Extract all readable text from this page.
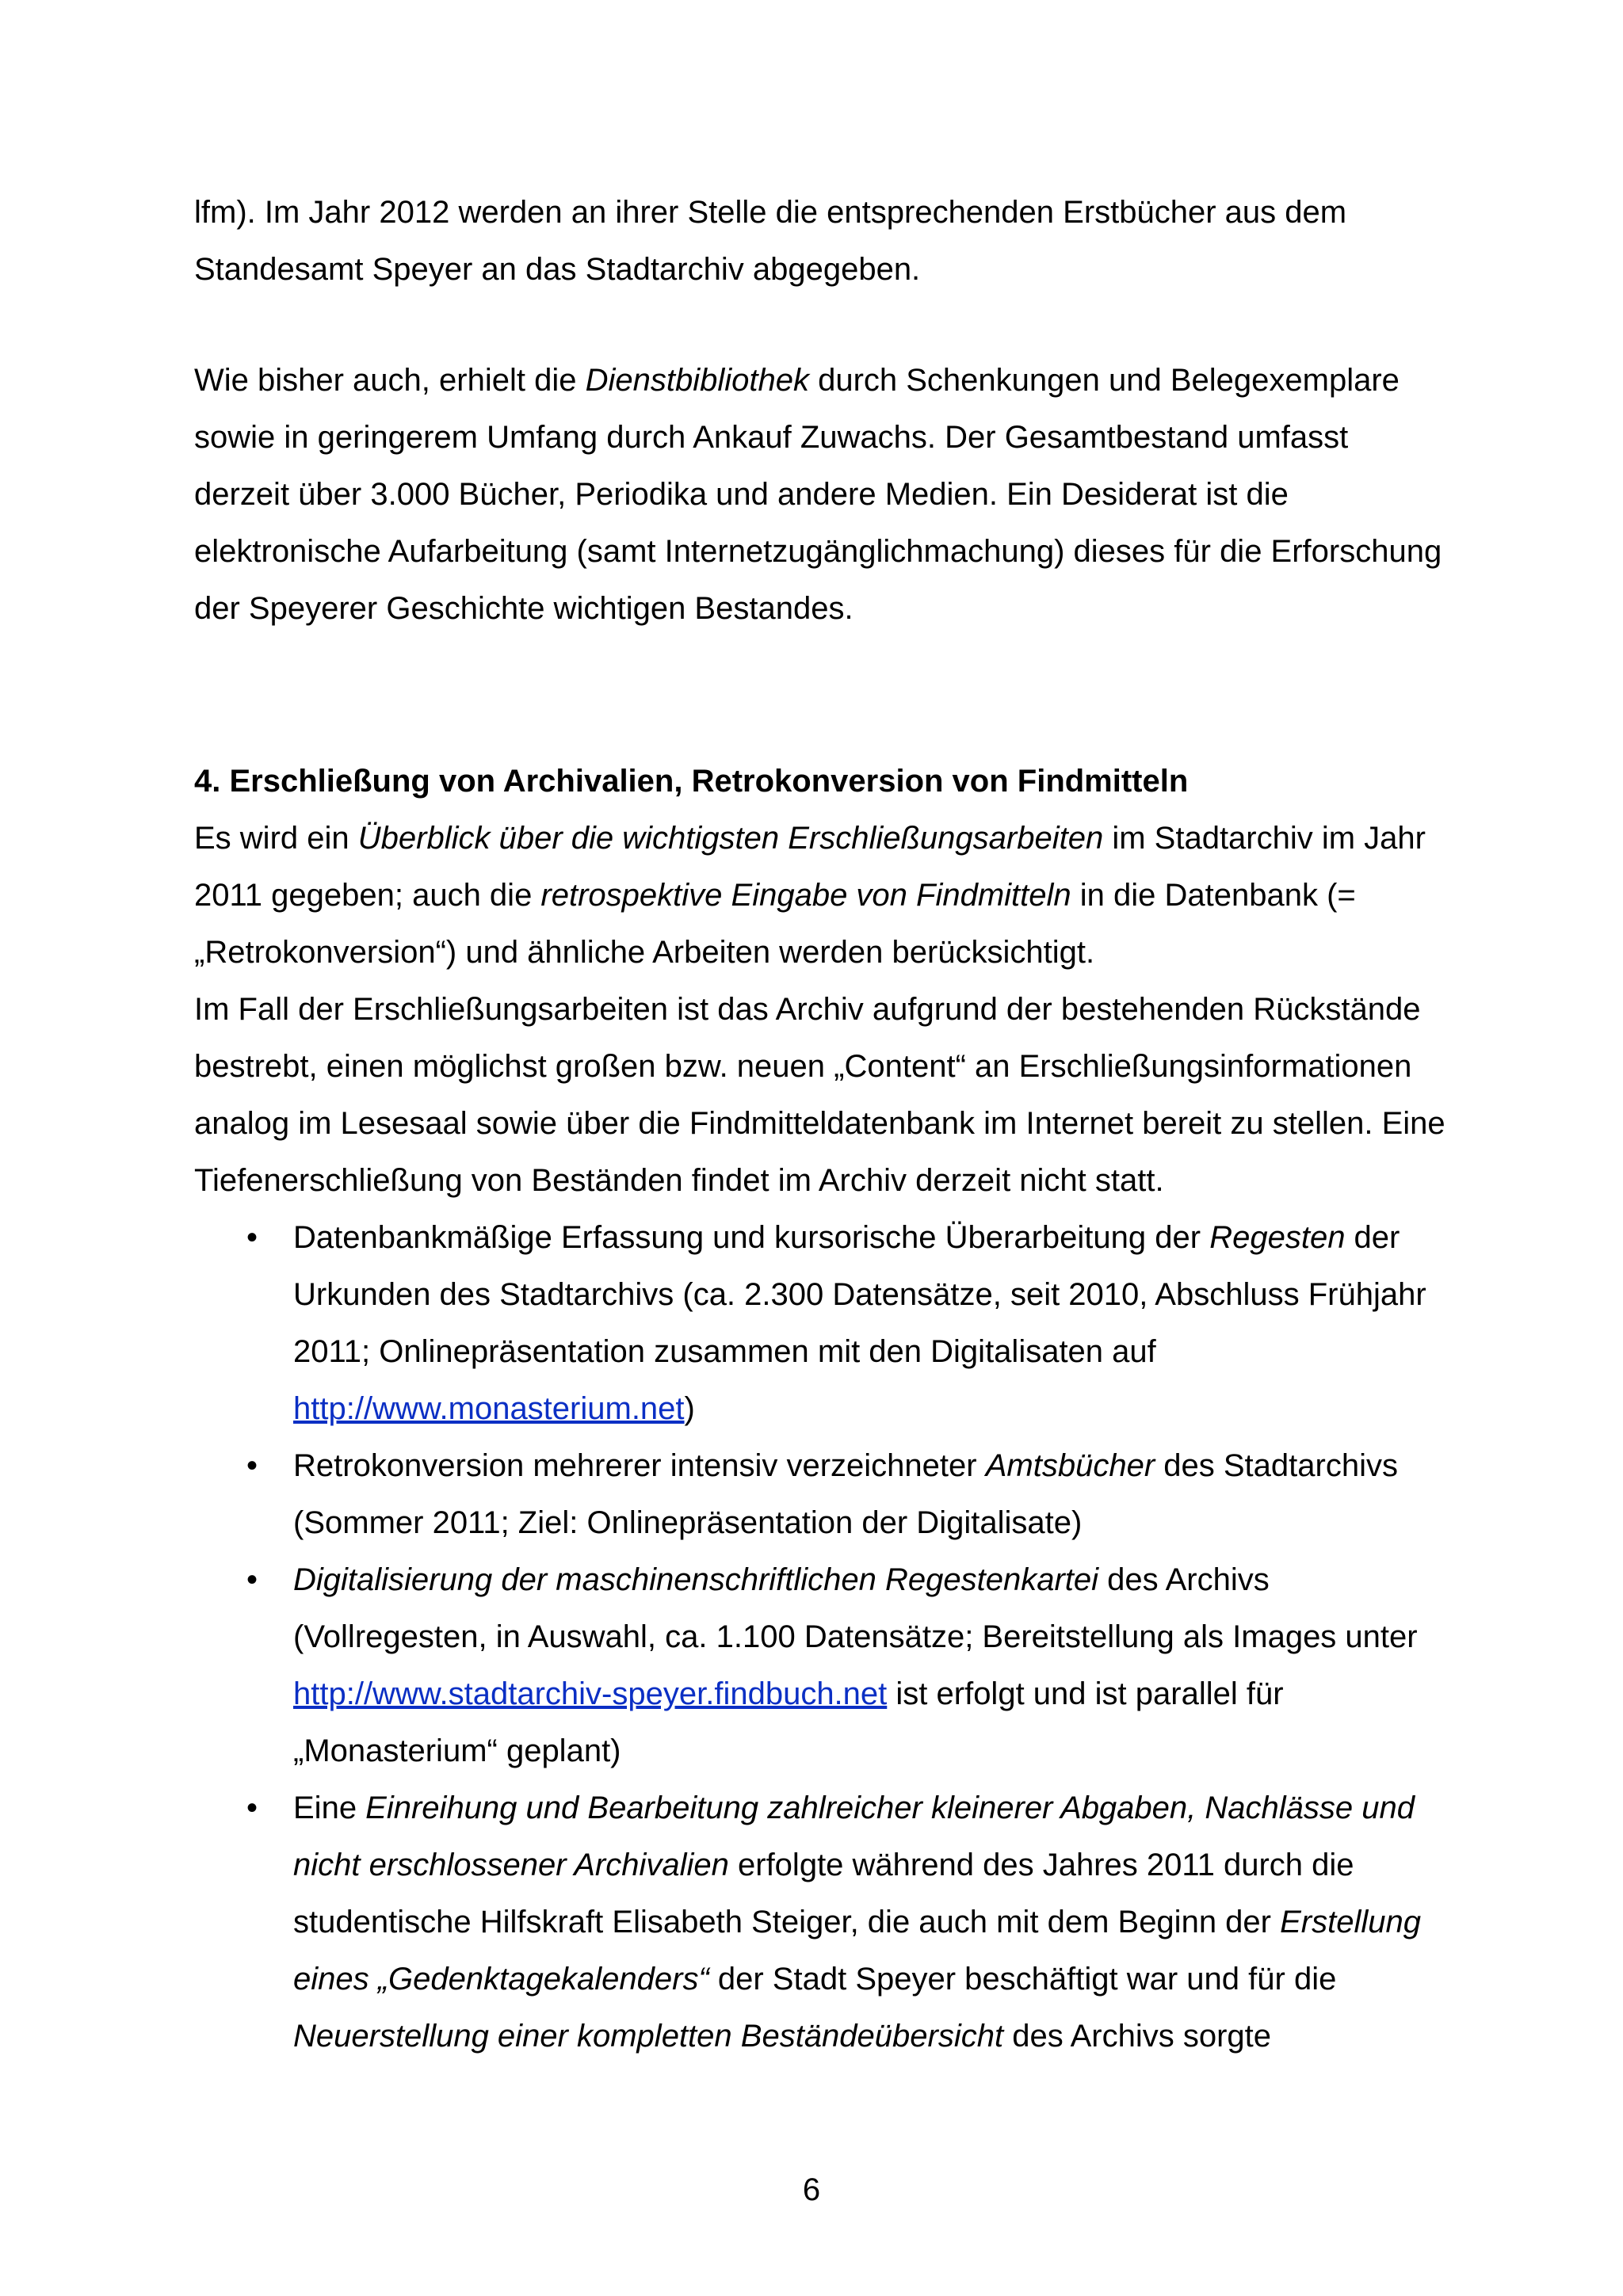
lfm). Im Jahr 2012 werden an ihrer Stelle die entsprechenden Erstbücher aus dem Standesamt Speyer an das Stadtarchiv abgegeben.

Wie bisher auch, erhielt die Dienstbibliothek durch Schenkungen und Belegexemplare sowie in geringerem Umfang durch Ankauf Zuwachs. Der Gesamtbestand umfasst derzeit über 3.000 Bücher, Periodika und andere Medien. Ein Desiderat ist die elektronische Aufarbeitung (samt Internetzugänglichmachung) dieses für die Erforschung der Speyerer Geschichte wichtigen Bestandes.

4. Erschließung von Archivalien, Retrokonversion von Findmitteln

Es wird ein Überblick über die wichtigsten Erschließungsarbeiten im Stadtarchiv im Jahr 2011 gegeben; auch die retrospektive Eingabe von Findmitteln in die Datenbank (= „Retrokonversion“) und ähnliche Arbeiten werden berücksichtigt.

Im Fall der Erschließungsarbeiten ist das Archiv aufgrund der bestehenden Rückstände bestrebt, einen möglichst großen bzw. neuen „Content“ an Erschließungsinformationen analog im Lesesaal sowie über die Findmitteldatenbank im Internet bereit zu stellen. Eine Tiefenerschließung von Beständen findet im Archiv derzeit nicht statt.

•	Datenbankmäßige Erfassung und kursorische Überarbeitung der Regesten der Urkunden des Stadtarchivs (ca. 2.300 Datensätze, seit 2010, Abschluss Frühjahr 2011; Onlinepräsentation zusammen mit den Digitalisaten auf http://www.monasterium.net)
•	Retrokonversion mehrerer intensiv verzeichneter Amtsbücher des Stadtarchivs (Sommer 2011; Ziel: Onlinepräsentation der Digitalisate)
•	Digitalisierung der maschinenschriftlichen Regestenkartei des Archivs (Vollregesten, in Auswahl, ca. 1.100 Datensätze; Bereitstellung als Images unter http://www.stadtarchiv-speyer.findbuch.net ist erfolgt und ist parallel für „Monasterium“ geplant)
•	Eine Einreihung und Bearbeitung zahlreicher kleinerer Abgaben, Nachlässe und nicht erschlossener Archivalien erfolgte während des Jahres 2011 durch die studentische Hilfskraft Elisabeth Steiger, die auch mit dem Beginn der Erstellung eines „Gedenktagekalenders“ der Stadt Speyer beschäftigt war und für die Neuerstellung einer kompletten Beständeübersicht des Archivs sorgte
6
